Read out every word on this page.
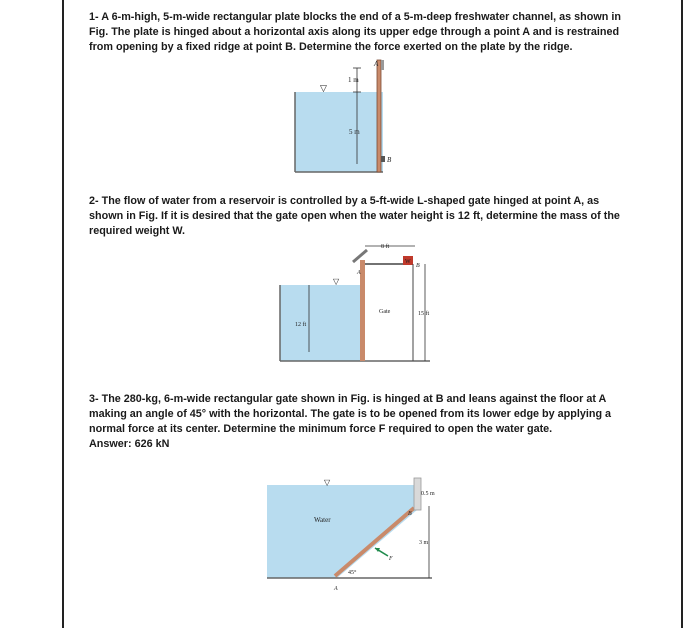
1- A 6-m-high, 5-m-wide rectangular plate blocks the end of a 5-m-deep freshwater channel, as shown in Fig. The plate is hinged about a horizontal axis along its upper edge through a point A and is restrained from opening by a fixed ridge at point B. Determine the force exerted on the plate by the ridge.
▽
1 m
5 m
A
B
2- The flow of water from a reservoir is controlled by a 5-ft-wide L-shaped gate hinged at point A, as shown in Fig. If it is desired that the gate open when the water height is 12 ft, determine the mass of the required weight W.
W
8 ft
B
A
▽
Gate	15 ft
12 ft
3- The 280-kg, 6-m-wide rectangular gate shown in Fig. is hinged at B and leans against the floor at A making an angle of 45° with the horizontal. The gate is to be opened from its lower edge by applying a normal force at its center. Determine the minimum force F required to open the water gate.
Answer: 626 kN
▽
Water
0.5 m
B
3 m
F
45°
A
